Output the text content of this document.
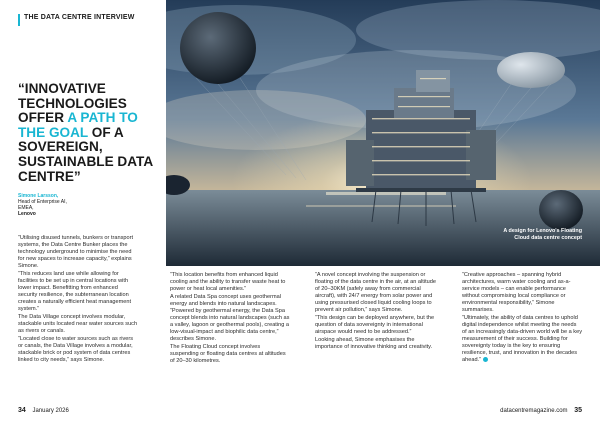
THE DATA CENTRE INTERVIEW
“INNOVATIVE TECHNOLOGIES OFFER A PATH TO THE GOAL OF A SOVEREIGN, SUSTAINABLE DATA CENTRE”
Simone Larsson,
Head of Enterprise AI,
EMEA,
Lenovo
A design for Lenovo's Floating Cloud data centre concept

“Utilising disused tunnels, bunkers or transport systems, the Data Centre Bunker places the technology underground to minimise the need for new spaces to increase capacity,” explains Simone.

“This reduces land use while allowing for facilities to be set up in central locations with lower impact. Benefitting from enhanced security resilience, the subterranean location creates a naturally efficient heat management system.”

The Data Village concept involves modular, stackable units located near water sources such as rivers or canals.

“Located close to water sources such as rivers or canals, the Data Village involves a modular, stackable brick or pod system of data centres linked to city needs,” says Simone.

“This location benefits from enhanced liquid cooling and the ability to transfer waste heat to power or heat local amenities.”

A related Data Spa concept uses geothermal energy and blends into natural landscapes. “Powered by geothermal energy, the Data Spa concept blends into natural landscapes (such as a valley, lagoon or geothermal pools), creating a low-visual-impact and biophilic data centre,” describes Simone.

The Floating Cloud concept involves suspending or floating data centres at altitudes of 20–30 kilometres.

“A novel concept involving the suspension or floating of the data centre in the air, at an altitude of 20–30KM (safely away from commercial aircraft), with 24/7 energy from solar power and using pressurised closed liquid cooling loops to prevent air pollution,” says Simone.

“This design can be deployed anywhere, but the question of data sovereignty in international airspace would need to be addressed.”

Looking ahead, Simone emphasises the importance of innovative thinking and creativity.

“Creative approaches – spanning hybrid architectures, warm water cooling and as-a-service models – can enable performance without compromising local compliance or environmental responsibility,” Simone summarises.

“Ultimately, the ability of data centres to uphold digital independence whilst meeting the needs of an increasingly data-driven world will be a key measurement of their success. Building for sovereignty today is the key to ensuring resilience, trust, and innovation in the decades ahead.”

34 January 2026	datacentremagazine.com 35
